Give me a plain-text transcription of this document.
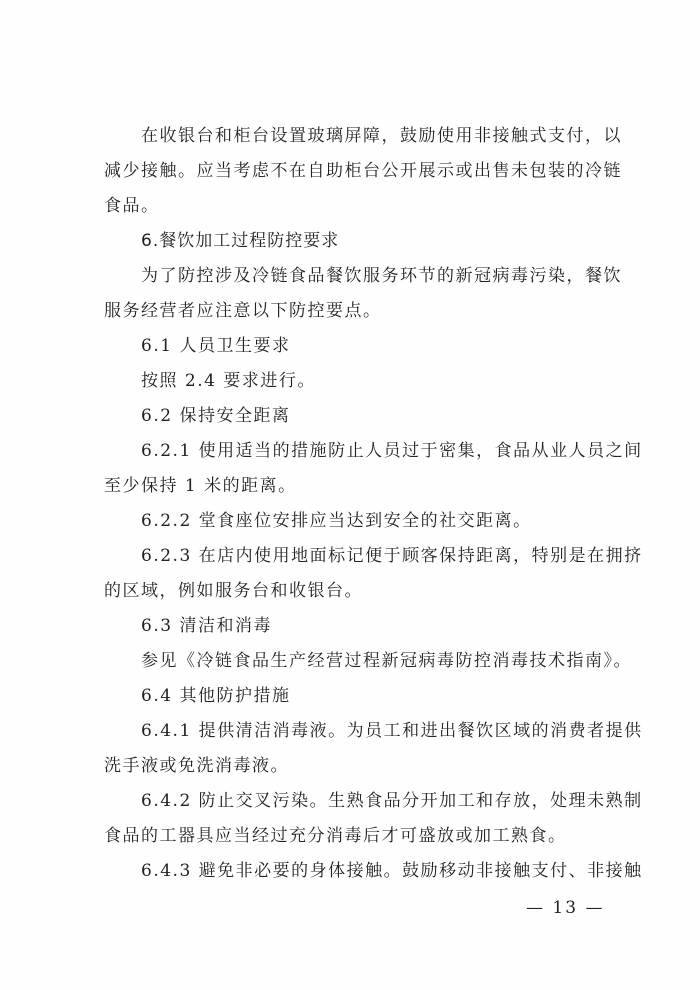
在收银台和柜台设置玻璃屏障，鼓励使用非接触式支付，以
减少接触。应当考虑不在自助柜台公开展示或出售未包装的冷链
食品。
6.餐饮加工过程防控要求
为了防控涉及冷链食品餐饮服务环节的新冠病毒污染，餐饮
服务经营者应注意以下防控要点。
6.1 人员卫生要求
按照 2.4 要求进行。
6.2 保持安全距离
6.2.1 使用适当的措施防止人员过于密集，食品从业人员之间
至少保持 1 米的距离。
6.2.2 堂食座位安排应当达到安全的社交距离。
6.2.3 在店内使用地面标记便于顾客保持距离，特别是在拥挤
的区域，例如服务台和收银台。
6.3 清洁和消毒
参见《冷链食品生产经营过程新冠病毒防控消毒技术指南》。
6.4 其他防护措施
6.4.1 提供清洁消毒液。为员工和进出餐饮区域的消费者提供
洗手液或免洗消毒液。
6.4.2 防止交叉污染。生熟食品分开加工和存放，处理未熟制
食品的工器具应当经过充分消毒后才可盛放或加工熟食。
6.4.3 避免非必要的身体接触。鼓励移动非接触支付、非接触
— 13 —
